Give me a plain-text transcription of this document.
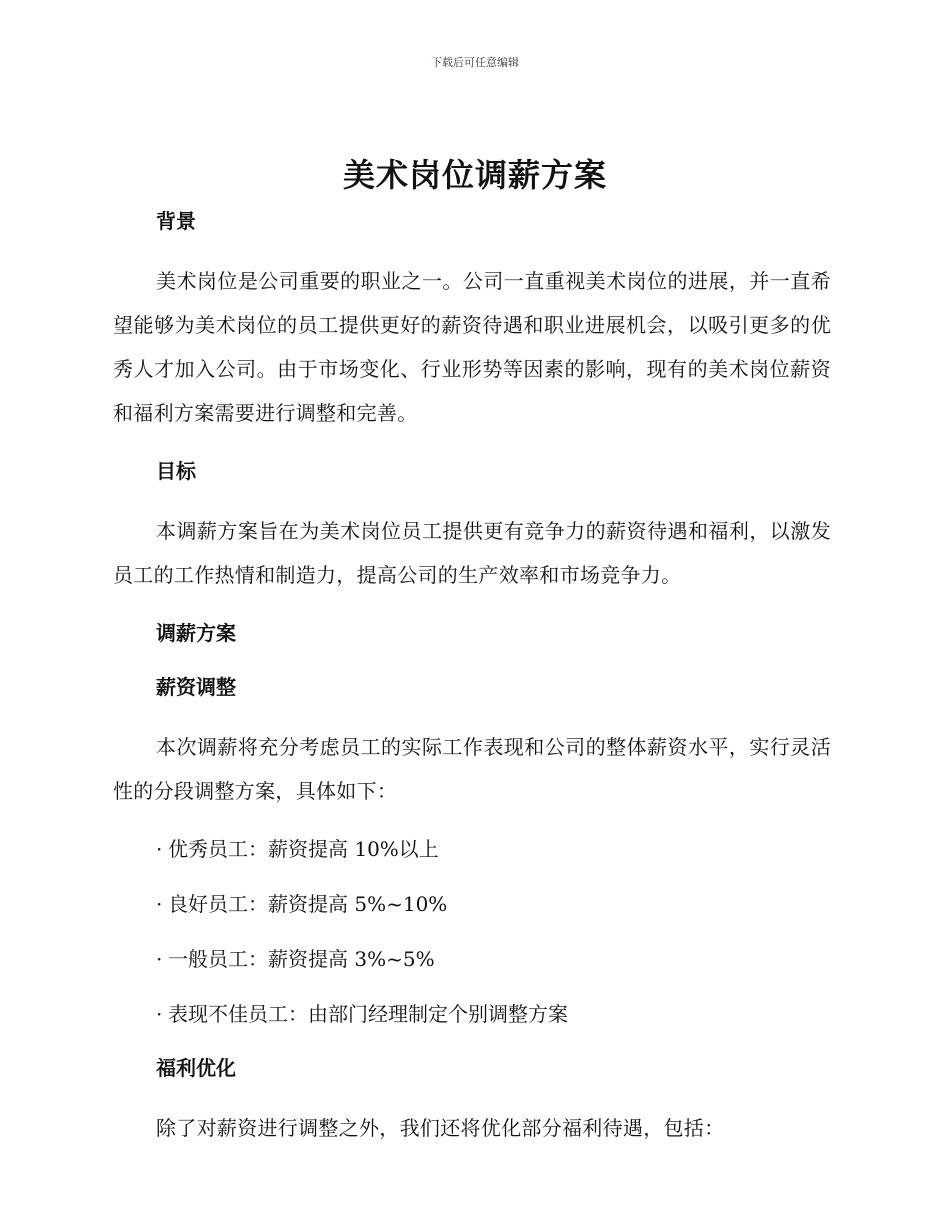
下载后可任意编辑
美术岗位调薪方案
背景

美术岗位是公司重要的职业之一。公司一直重视美术岗位的进展，并一直希望能够为美术岗位的员工提供更好的薪资待遇和职业进展机会，以吸引更多的优秀人才加入公司。由于市场变化、行业形势等因素的影响，现有的美术岗位薪资和福利方案需要进行调整和完善。

目标

本调薪方案旨在为美术岗位员工提供更有竞争力的薪资待遇和福利，以激发员工的工作热情和制造力，提高公司的生产效率和市场竞争力。

调薪方案
薪资调整

本次调薪将充分考虑员工的实际工作表现和公司的整体薪资水平，实行灵活性的分段调整方案，具体如下：

· 优秀员工：薪资提高 10%以上
· 良好员工：薪资提高 5%~10%
· 一般员工：薪资提高 3%~5%
· 表现不佳员工：由部门经理制定个别调整方案
福利优化

除了对薪资进行调整之外，我们还将优化部分福利待遇，包括：
